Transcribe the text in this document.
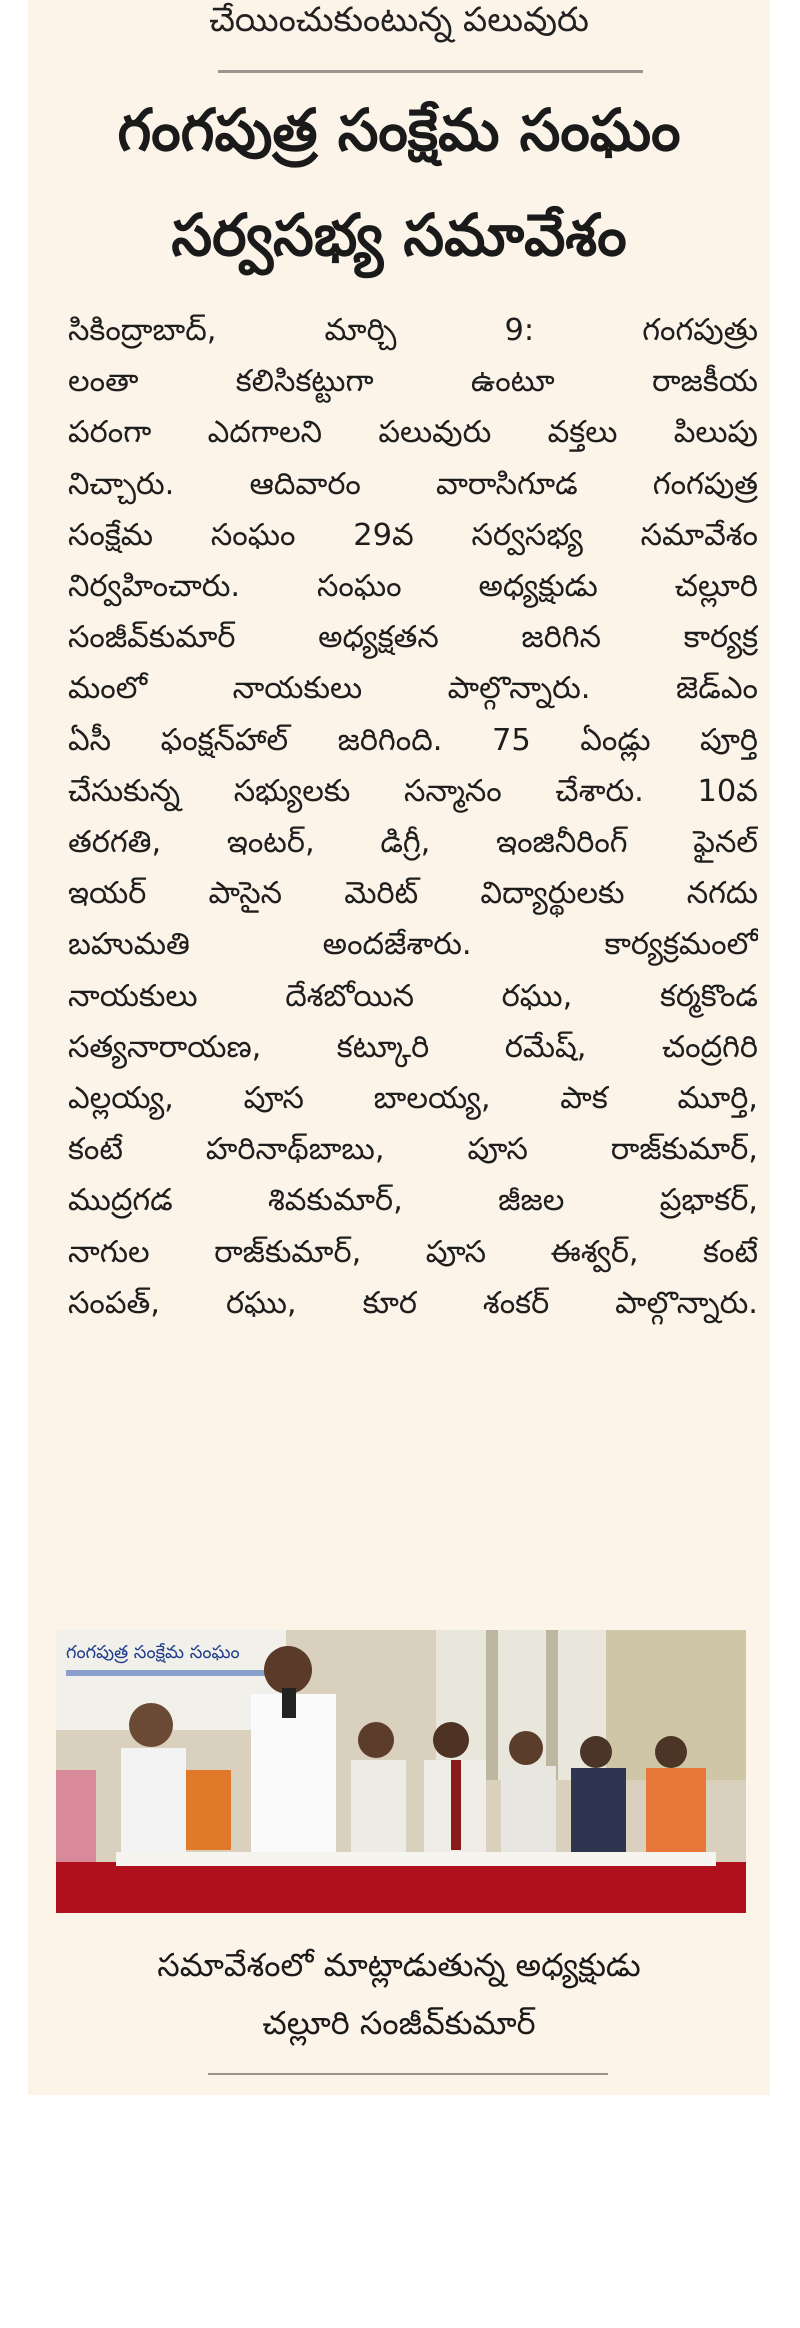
చేయించుకుంటున్న పలువురు
గంగపుత్ర సంక్షేమ సంఘం
సర్వసభ్య సమావేశం
సికింద్రాబాద్, మార్చి 9: గంగపుత్రు
లంతా కలిసికట్టుగా ఉంటూ రాజకీయ
పరంగా ఎదగాలని పలువురు వక్తలు పిలుపు
నిచ్చారు. ఆదివారం వారాసిగూడ గంగపుత్ర
సంక్షేమ సంఘం 29వ సర్వసభ్య సమావేశం
నిర్వహించారు. సంఘం అధ్యక్షుడు చల్లూరి
సంజీవ్‌కుమార్ అధ్యక్షతన జరిగిన కార్యక్ర
మంలో నాయకులు పాల్గొన్నారు. జెడ్ఎం
ఏసీ ఫంక్షన్‌హాల్ జరిగింది. 75 ఏండ్లు పూర్తి
చేసుకున్న సభ్యులకు సన్మానం చేశారు. 10వ
తరగతి, ఇంటర్, డిగ్రీ, ఇంజినీరింగ్ ఫైనల్
ఇయర్ పాసైన మెరిట్ విద్యార్థులకు నగదు
బహుమతి అందజేశారు. కార్యక్రమంలో
నాయకులు దేశబోయిన రఘు, కర్మకొండ
సత్యనారాయణ, కట్కూరి రమేష్, చంద్రగిరి
ఎల్లయ్య, పూస బాలయ్య, పాక మూర్తి,
కంటే హరినాథ్‌బాబు, పూస రాజ్‌కుమార్,
ముద్రగడ శివకుమార్, జీజల ప్రభాకర్,
నాగుల రాజ్‌కుమార్, పూస ఈశ్వర్, కంటే
సంపత్, రఘు, కూర శంకర్ పాల్గొన్నారు.
గంగపుత్ర సంక్షేమ సంఘం
సమావేశంలో మాట్లాడుతున్న అధ్యక్షుడు
చల్లూరి సంజీవ్‌కుమార్
